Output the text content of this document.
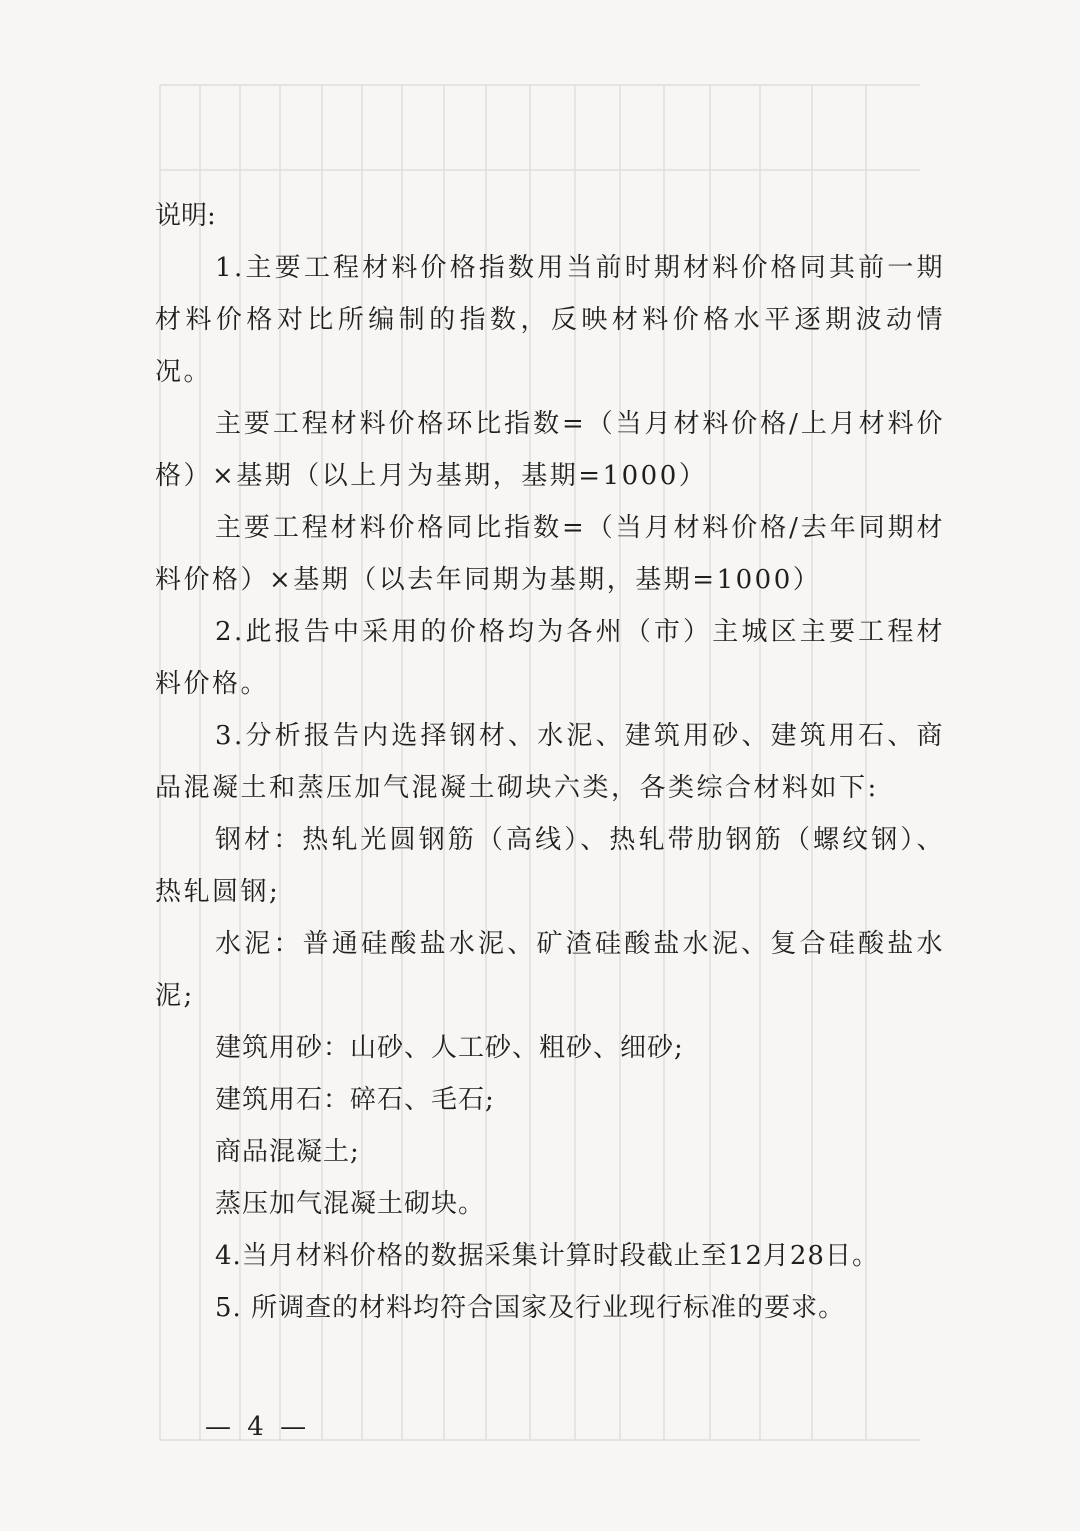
说明:

1.主要工程材料价格指数用当前时期材料价格同其前一期材料价格对比所编制的指数，反映材料价格水平逐期波动情况。

主要工程材料价格环比指数=（当月材料价格/上月材料价格）×基期（以上月为基期，基期=1000）

主要工程材料价格同比指数=（当月材料价格/去年同期材料价格）×基期（以去年同期为基期，基期=1000）

2.此报告中采用的价格均为各州（市）主城区主要工程材料价格。

3.分析报告内选择钢材、水泥、建筑用砂、建筑用石、商品混凝土和蒸压加气混凝土砌块六类，各类综合材料如下:

钢材：热轧光圆钢筋（高线）、热轧带肋钢筋（螺纹钢）、热轧圆钢;

水泥：普通硅酸盐水泥、矿渣硅酸盐水泥、复合硅酸盐水泥;

建筑用砂：山砂、人工砂、粗砂、细砂;

建筑用石：碎石、毛石;

商品混凝土;

蒸压加气混凝土砌块。

4.当月材料价格的数据采集计算时段截止至12月28日。

5. 所调查的材料均符合国家及行业现行标准的要求。

— 4 —
